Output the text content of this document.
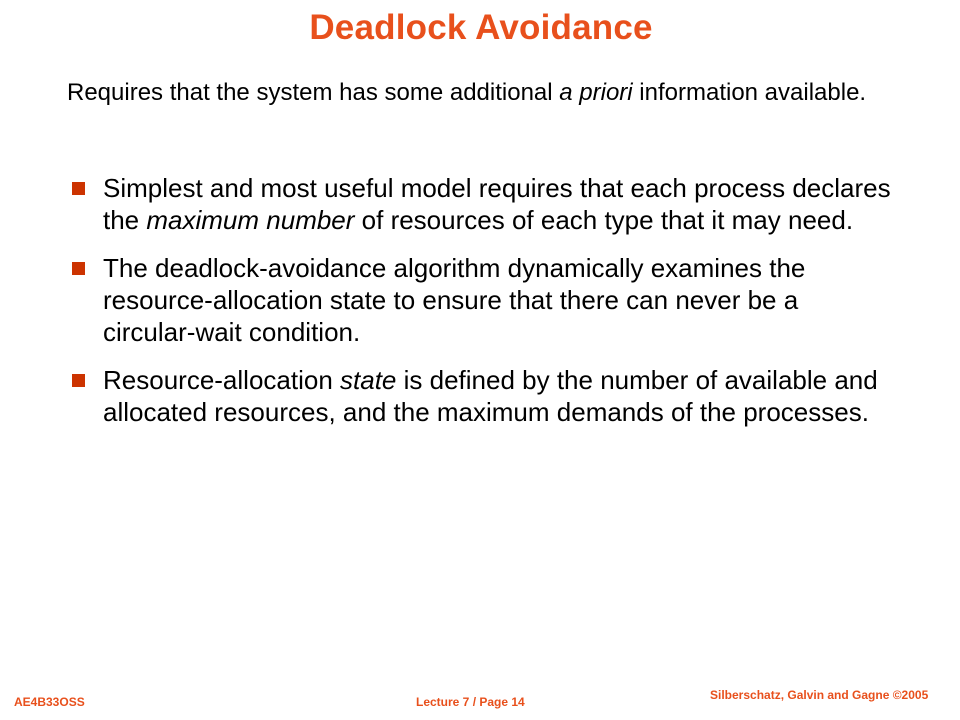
Deadlock Avoidance
Requires that the system has some additional a priori information available.
Simplest and most useful model requires that each process declares the maximum number of resources of each type that it may need.
The deadlock-avoidance algorithm dynamically examines the resource-allocation state to ensure that there can never be a circular-wait condition.
Resource-allocation state is defined by the number of available and allocated resources, and the maximum demands of the processes.
AE4B33OSS	Lecture 7 / Page 14	Silberschatz, Galvin and Gagne ©2005
